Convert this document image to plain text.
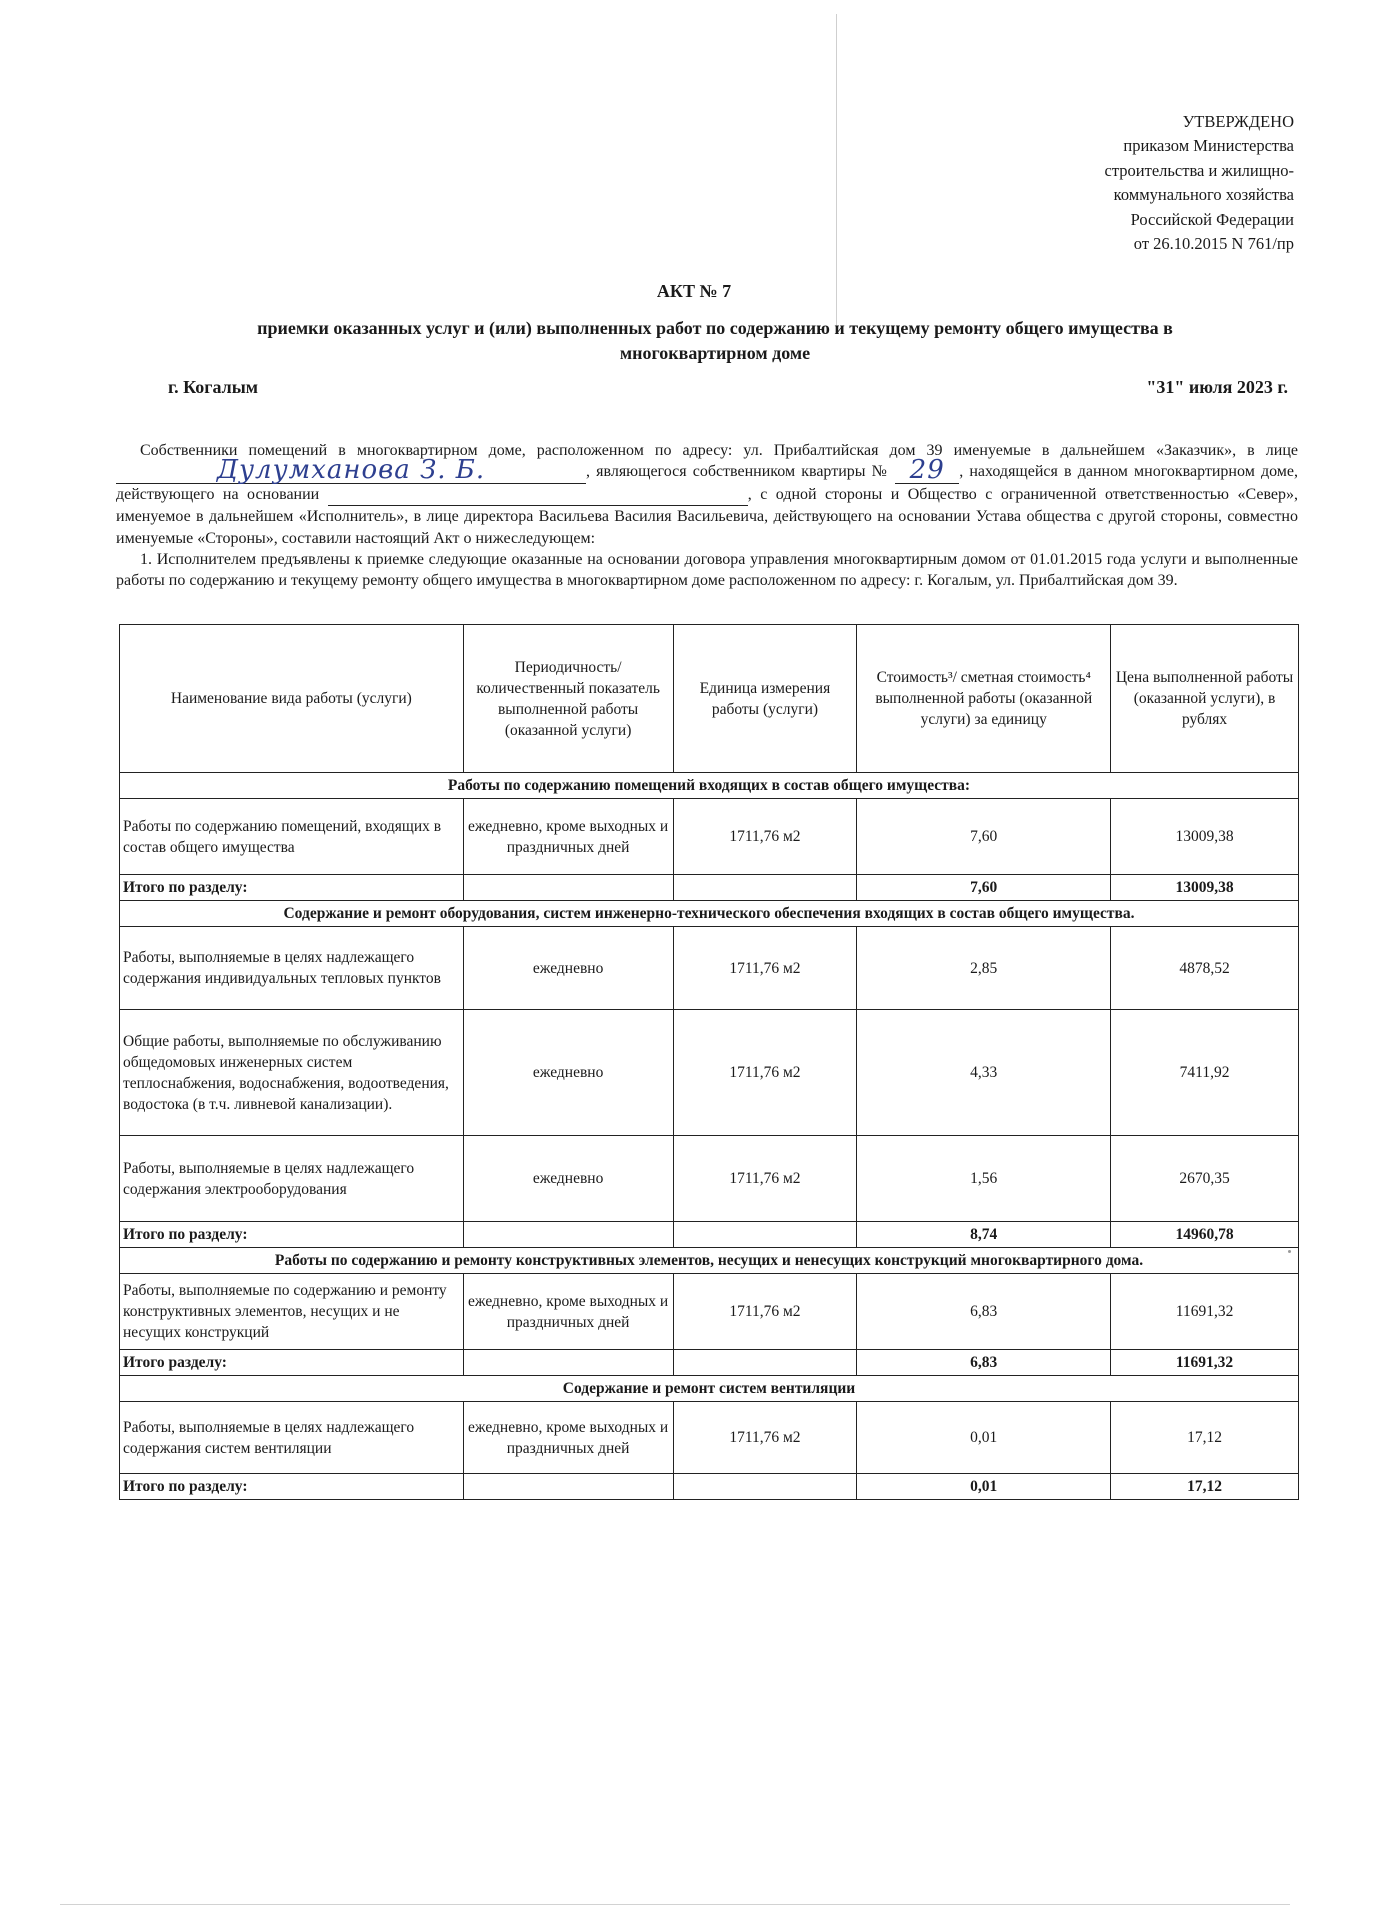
УТВЕРЖДЕНО
приказом Министерства
строительства и жилищно-
коммунального хозяйства
Российской Федерации
от 26.10.2015 N 761/пр
АКТ № 7
приемки оказанных услуг и (или) выполненных работ по содержанию и текущему ремонту общего имущества в многоквартирном доме
г. Когалым	"31" июля 2023 г.

Собственники помещений в многоквартирном доме, расположенном по адресу: ул. Прибалтийская дом 39 именуемые в дальнейшем «Заказчик», в лице
Дулумханова З. Б.	, являющегося собственником квартиры № 29 , находящейся в данном многоквартирном доме, действующего на основании	, с одной стороны и Общество с ограниченной ответственностью «Север», именуемое в дальнейшем «Исполнитель», в лице директора Васильева Василия Васильевича, действующего на основании Устава общества с другой стороны, совместно именуемые «Стороны», составили настоящий Акт о нижеследующем:

1. Исполнителем предъявлены к приемке следующие оказанные на основании договора управления многоквартирным домом от 01.01.2015 года услуги и выполненные работы по содержанию и текущему ремонту общего имущества в многоквартирном доме расположенном по адресу: г. Когалым, ул. Прибалтийская дом 39.

Наименование вида работы (услуги)	Периодичность/ количественный показатель выполненной работы (оказанной услуги)	Единица измерения работы (услуги)	Стоимость³/ сметная стоимость⁴ выполненной работы (оказанной услуги) за единицу	Цена выполненной работы (оказанной услуги), в рублях
Работы по содержанию помещений входящих в состав общего имущества:				
Работы по содержанию помещений, входящих в состав общего имущества	ежедневно, кроме выходных и праздничных дней	1711,76 м2	7,60	13009,38
Итого по разделу:			7,60	13009,38
Содержание и ремонт оборудования, систем инженерно-технического обеспечения входящих в состав общего имущества.				
Работы, выполняемые в целях надлежащего содержания индивидуальных тепловых пунктов	ежедневно	1711,76 м2	2,85	4878,52
Общие работы, выполняемые по обслуживанию общедомовых инженерных систем теплоснабжения, водоснабжения, водоотведения, водостока (в т.ч. ливневой канализации).	ежедневно	1711,76 м2	4,33	7411,92
Работы, выполняемые в целях надлежащего содержания электрооборудования	ежедневно	1711,76 м2	1,56	2670,35
Итого по разделу:			8,74	14960,78
Работы по содержанию и ремонту конструктивных элементов, несущих и ненесущих конструкций многоквартирного дома.				
Работы, выполняемые по содержанию и ремонту конструктивных элементов, несущих и не несущих конструкций	ежедневно, кроме выходных и праздничных дней	1711,76 м2	6,83	11691,32
Итого разделу:			6,83	11691,32
Содержание и ремонт систем вентиляции				
Работы, выполняемые в целях надлежащего содержания систем вентиляции	ежедневно, кроме выходных и праздничных дней	1711,76 м2	0,01	17,12
Итого по разделу:			0,01	17,12
